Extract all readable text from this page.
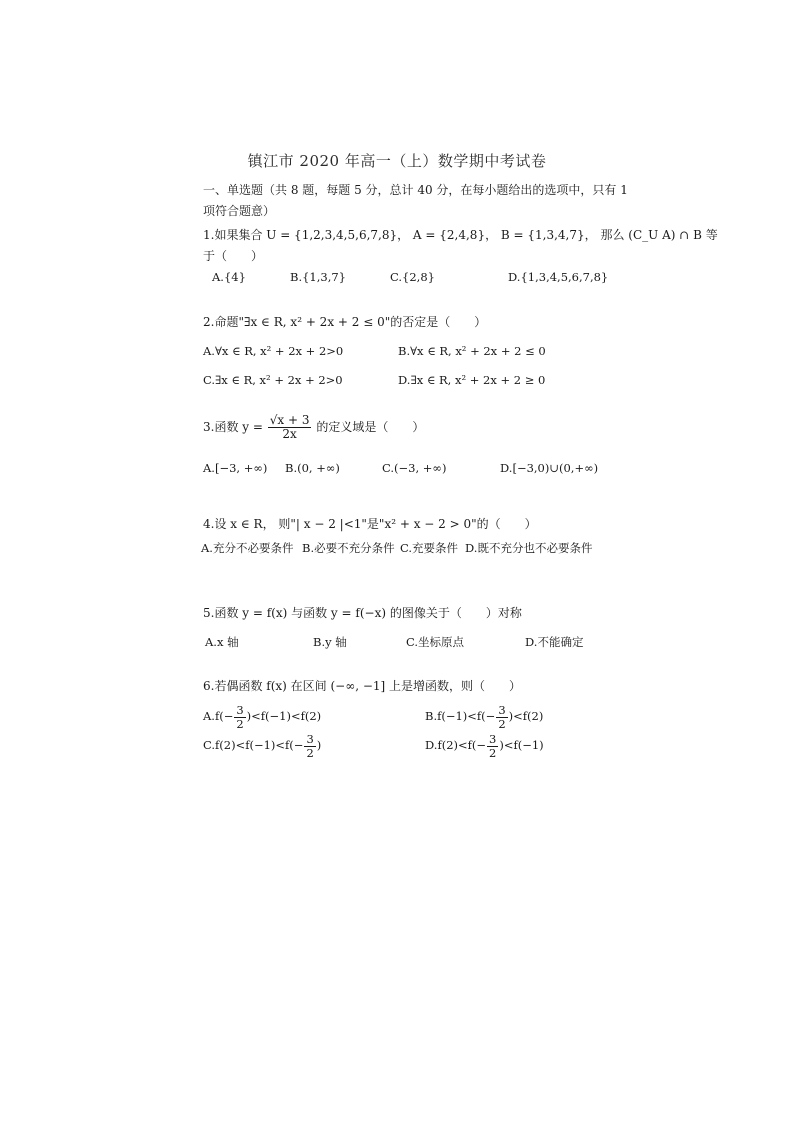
镇江市 2020 年高一（上）数学期中考试卷
一、单选题（共 8 题，每题 5 分，总计 40 分，在每小题给出的选项中，只有 1
项符合题意）
1.如果集合 U = {1,2,3,4,5,6,7,8}， A = {2,4,8}， B = {1,3,4,7}， 那么 (C_U A) ∩ B 等
于（　　）
A.{4}	B.{1,3,7}	C.{2,8}	D.{1,3,4,5,6,7,8}
2.命题"∃x ∈ R, x² + 2x + 2 ≤ 0"的否定是（　　）
A.∀x ∈ R, x² + 2x + 2>0	B.∀x ∈ R, x² + 2x + 2 ≤ 0
C.∃x ∈ R, x² + 2x + 2>0	D.∃x ∈ R, x² + 2x + 2 ≥ 0
3.函数 $y = \frac{√x + 3}{2x}$ 的定义域是（　　）
A.[−3, +∞) B.(0, +∞)	C.(−3, +∞)	D.[−3,0)∪(0,+∞)
4.设 x ∈ R， 则"| x − 2 |<1"是"x² + x − 2 > 0"的（　　）
A.充分不必要条件 B.必要不充分条件 C.充要条件 D.既不充分也不必要条件
5.函数 y = f(x) 与函数 y = f(−x) 的图像关于（　　）对称
A.x 轴	B.y 轴	C.坐标原点	D.不能确定
6.若偶函数 f(x) 在区间 (−∞, −1] 上是增函数，则（　　）
$A.f(- \frac{3}{2} )<f(-1)<f(2)$	$B.f(-1)<f(- \frac{3}{2} )<f(2)$
$C.f(2)<f(-1)<f(- \frac{3}{2}$ )	$D.f(2)<f(- \frac{3}{2} )<f(-1)$
